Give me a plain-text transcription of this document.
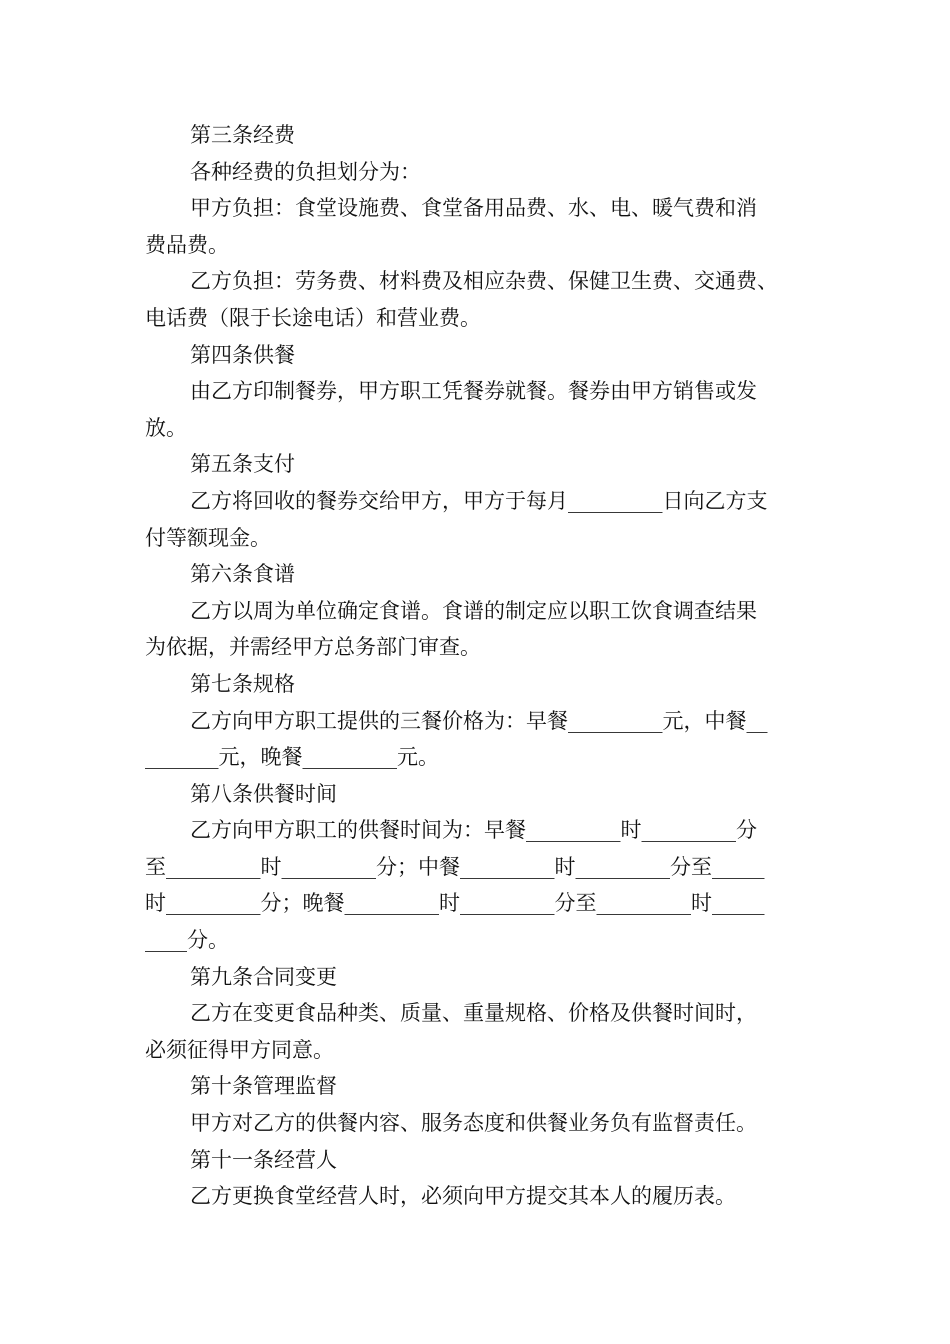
第三条经费
各种经费的负担划分为：
甲方负担：食堂设施费、食堂备用品费、水、电、暖气费和消
费品费。
乙方负担：劳务费、材料费及相应杂费、保健卫生费、交通费、
电话费（限于长途电话）和营业费。
第四条供餐
由乙方印制餐券，甲方职工凭餐券就餐。餐券由甲方销售或发
放。
第五条支付
乙方将回收的餐券交给甲方，甲方于每月_________日向乙方支
付等额现金。
第六条食谱
乙方以周为单位确定食谱。食谱的制定应以职工饮食调查结果
为依据，并需经甲方总务部门审查。
第七条规格
乙方向甲方职工提供的三餐价格为：早餐_________元，中餐__
_______元，晚餐_________元。
第八条供餐时间
乙方向甲方职工的供餐时间为：早餐_________时_________分
至_________时_________分；中餐_________时_________分至_____
时_________分；晚餐_________时_________分至_________时_____
____分。
第九条合同变更
乙方在变更食品种类、质量、重量规格、价格及供餐时间时，
必须征得甲方同意。
第十条管理监督
甲方对乙方的供餐内容、服务态度和供餐业务负有监督责任。
第十一条经营人
乙方更换食堂经营人时，必须向甲方提交其本人的履历表。
